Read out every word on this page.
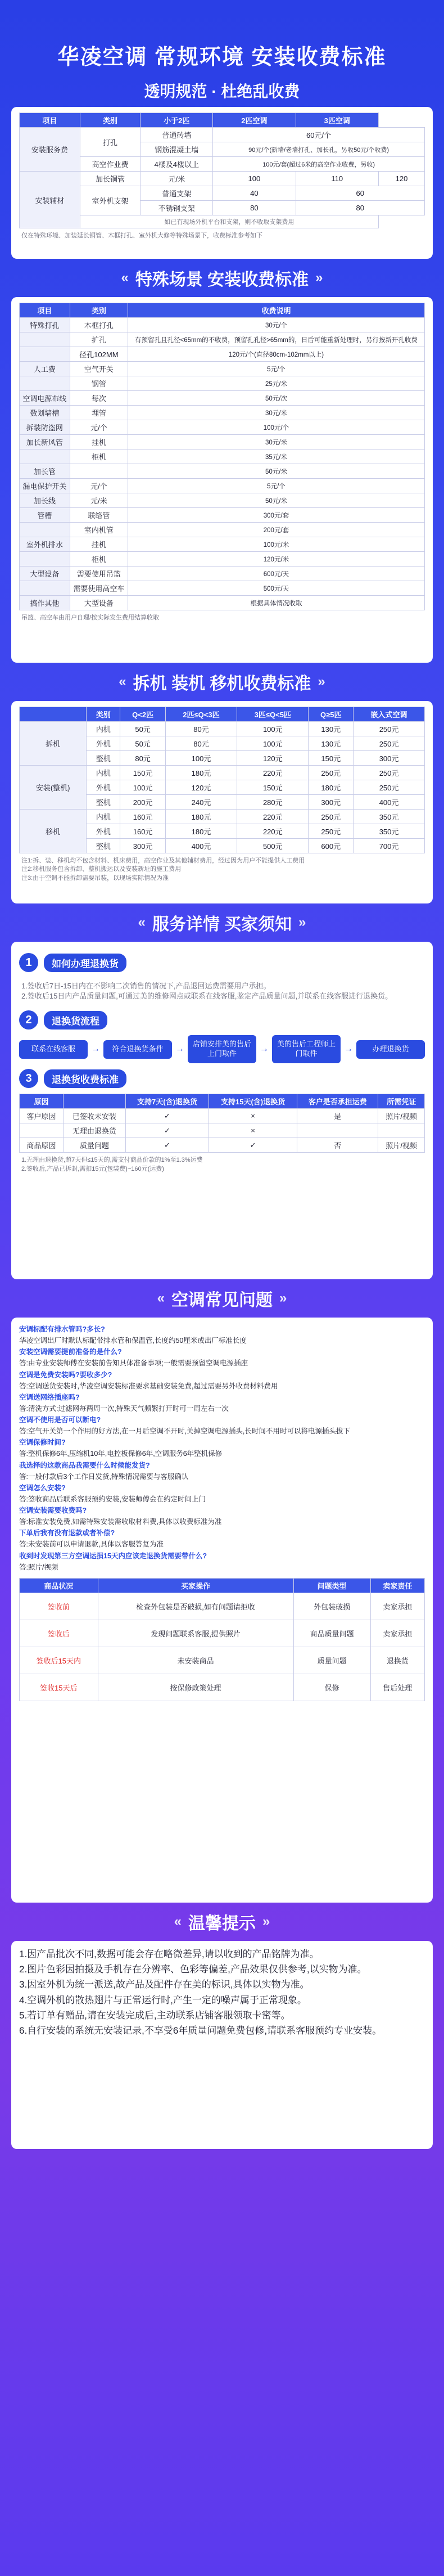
华凌空调 常规环境 安装收费标准
透明规范 · 杜绝乱收费
项目	类别	小于2匹	2匹空调	3匹空调	
安装服务费	打孔	普通砖墙	60元/个		
		钢筋混凝土墙	90元/个(新墙/老墙打孔、加长孔，另收50元/个收费)		
	高空作业费	4楼及4楼以上	100元/套(超过6米的高空作业收费，另收)		
安装辅材	加长铜管	元/米	100	110	120
	室外机支架	普通支架	40	60	
		不锈钢支架	80	80	
	如已有现场外机平台和支架，则不收取支架费用				
仅在特殊环境、加装延长铜管、木框打孔、室外机大修等特殊场景下，收费标准参考如下
« 特殊场景 安装收费标准 »
项目	类别	收费说明
特殊打孔	木框打孔	30元/个
	扩孔	有预留孔且孔径<65mm的不收费，预留孔孔径>65mm的，日后可能重新处理时，另行按新开孔收费
	径孔102MM	120元/个(直径80cm-102mm以上)
人工费	空气开关	5元/个
	钢管	25元/米
空调电源布线	每次	50元/次
数划墙槽	埋管	30元/米
拆装防盗网	元/个	100元/个
加长新风管	挂机	30元/米
	柜机	35元/米
加长管		50元/米
漏电保护开关	元/个	5元/个
加长线	元/米	50元/米
管槽	联络管	300元/套
	室内机管	200元/套
室外机排水	挂机	100元/米
	柜机	120元/米
大型设备	需要使用吊篮	600元/天
	需要使用高空车	500元/天
搞作其他	大型设备	根据具体情况收取
吊篮、高空车由用户自理/按实际发生费用结算收取
« 拆机 装机 移机收费标准 »
	类别	Q<2匹	2匹≤Q<3匹	3匹≤Q<5匹	Q≥5匹	嵌入式空调
拆机	内机	50元	80元	100元	130元	250元
	外机	50元	80元	100元	130元	250元
	整机	80元	100元	120元	150元	300元
安装(整机)	内机	150元	180元	220元	250元	250元
	外机	100元	120元	150元	180元	250元
	整机	200元	240元	280元	300元	400元
移机	内机	160元	180元	220元	250元	350元
	外机	160元	180元	220元	250元	350元
	整机	300元	400元	500元	600元	700元
注1:拆、装、移机均不包含材料、机床费用，高空作业及其他辅材费用，经过因为用户不能提供人工费用
注2:移机服务包含拆卸、整机搬运以及安装新址的施工费用
注3:由于空调不能拆卸需要吊装，以现场实际情况为准
« 服务详情 买家须知 »
1	如何办理退换货
1.签收后7日-15日内在不影响二次销售的情况下,产品退回运费需要用户承担。
2.签收后15日内产品质量问题,可通过美的维修网点或联系在线客服,鉴定产品质量问题,并联系在线客服进行退换货。
2	退换货流程
联系在线客服	→	符合退换货条件	→
店铺安排美的售后上门取件	→
美的售后工程师上门取件	→	办理退换货
3	退换货收费标准
原因		支持7天(含)退换货	支持15天(含)退换货	客户是否承担运费	所需凭证
客户原因	已签收未安装	✓	×	是	照片/视频
	无理由退换货	✓	×		
商品原因	质量问题	✓	✓	否	照片/视频
1.无理由退换货,超7天但≤15天的,需支付商品价款的1%至1.3%运费
2.签收后,产品已拆封,需扣15元(包装费)~160元(运费)
« 空调常见问题 »

安调标配有排水管吗?多长?

华凌空调出厂时默认标配带排水管和保温管,长度约50厘米或出厂标准长度

安装空调需要提前准备的是什么?

答:由专业安装师傅在安装前告知具体准备事项;一般需要预留空调电源插座

空调是免费安装吗?要收多少?

答:空调送货安装时,华凌空调安装标准要求基础安装免费,超过需要另外收费材料费用

空调送网络插座吗?

答:清洗方式:过滤网每两周一次,特殊天气频繁打开时可一周左右一次

空调不使用是否可以断电?

答:空气开关第一个作用的好方法,在一月后空调不开时,关掉空调电源插头,长时间不用时可以将电源插头拔下

空调保修时间?

答:整机保修6年,压缩机10年,电控板保修6年,空调服务6年整机保修

我选择的这款商品我需要什么时候能发货?

答:一般付款后3个工作日发货,特殊情况需要与客服确认

空调怎么安装?

答:签收商品后联系客服预约安装,安装师傅会在约定时间上门

空调安装需要收费吗?

答:标准安装免费,如需特殊安装需收取材料费,具体以收费标准为准

下单后我有没有退款或者补偿?

答:未安装前可以申请退款,具体以客服答复为准

收到时发现第三方空调运损15天内应该走退换货需要带什么?

答:照片/视频

商品状况	买家操作	问题类型	卖家责任
签收前	检查外包装是否破损,如有问题请拒收	外包装破损	卖家承担
签收后	发现问题联系客服,提供照片	商品质量问题	卖家承担
签收后15天内	未安装商品	质量问题	退换货
签收15天后	按保修政策处理	保修	售后处理
« 温馨提示 »
1.因产品批次不同,数据可能会存在略微差异,请以收到的产品铭牌为准。
2.图片色彩因拍摄及手机存在分辨率、色彩等偏差,产品效果仅供参考,以实物为准。
3.因室外机为统一派送,故产品及配件存在美的标识,具体以实物为准。
4.空调外机的散热翅片与正常运行时,产生一定的噪声属于正常现象。
5.若订单有赠品,请在安装完成后,主动联系店铺客服领取卡密等。
6.自行安装的系统无安装记录,不享受6年质量问题免费包修,请联系客服预约专业安装。
